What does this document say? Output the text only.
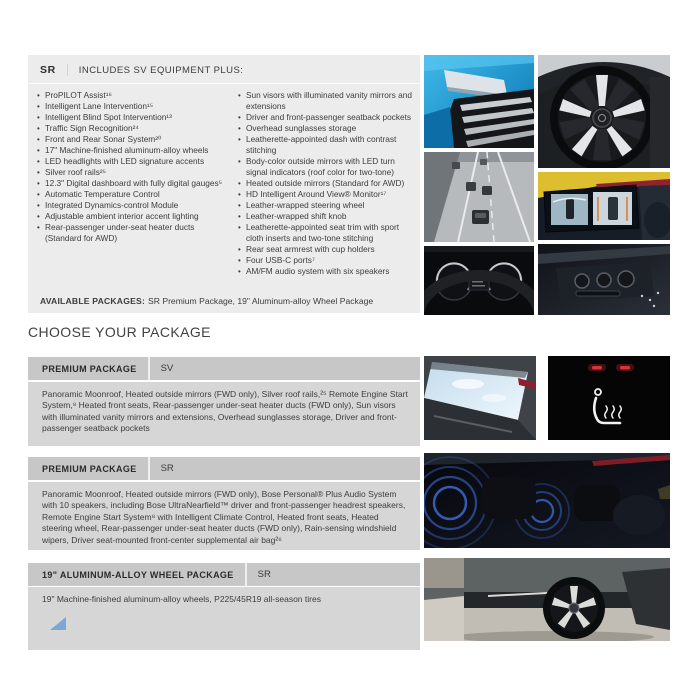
SR	INCLUDES SV EQUIPMENT PLUS:
• ProPILOT Assist¹⁶
• Intelligent Lane Intervention¹⁵
• Intelligent Blind Spot Intervention¹³
• Traffic Sign Recognition²⁴
• Front and Rear Sonar System²⁰
• 17" Machine-finished aluminum-alloy wheels
• LED headlights with LED signature accents
• Silver roof rails²⁵
• 12.3" Digital dashboard with fully digital gauges⁵
• Automatic Temperature Control
• Integrated Dynamics-control Module
• Adjustable ambient interior accent lighting
• Rear-passenger under-seat heater ducts (Standard for AWD)
• Sun visors with illuminated vanity mirrors and extensions
• Driver and front-passenger seatback pockets
• Overhead sunglasses storage
• Leatherette-appointed dash with contrast stitching
• Body-color outside mirrors with LED turn signal indicators (roof color for two-tone)
• Heated outside mirrors (Standard for AWD)
• HD Intelligent Around View® Monitor¹⁷
• Leather-wrapped steering wheel
• Leather-wrapped shift knob
• Leatherette-appointed seat trim with sport cloth inserts and two-tone stitching
• Rear seat armrest with cup holders
• Four USB-C ports⁷
• AM/FM audio system with six speakers

AVAILABLE PACKAGES: SR Premium Package, 19" Aluminum-alloy Wheel Package

CHOOSE YOUR PACKAGE
PREMIUM PACKAGE	SV
Panoramic Moonroof, Heated outside mirrors (FWD only), Silver roof rails,²⁵ Remote Engine Start System,⁸ Heated front seats, Rear-passenger under-seat heater ducts (FWD only), Sun visors with illuminated vanity mirrors and extensions, Overhead sunglasses storage, Driver and front-passenger seatback pockets
PREMIUM PACKAGE	SR
Panoramic Moonroof, Heated outside mirrors (FWD only), Bose Personal® Plus Audio System with 10 speakers, including Bose UltraNearfield™ driver and front-passenger headrest speakers, Remote Engine Start System⁸ with Intelligent Climate Control, Heated front seats, Heated steering wheel, Rear-passenger under-seat heater ducts (FWD only), Rain-sensing windshield wipers, Driver seat-mounted front-center supplemental air bag²⁶
19" ALUMINUM-ALLOY WHEEL PACKAGE	SR
19" Machine-finished aluminum-alloy wheels, P225/45R19 all-season tires
